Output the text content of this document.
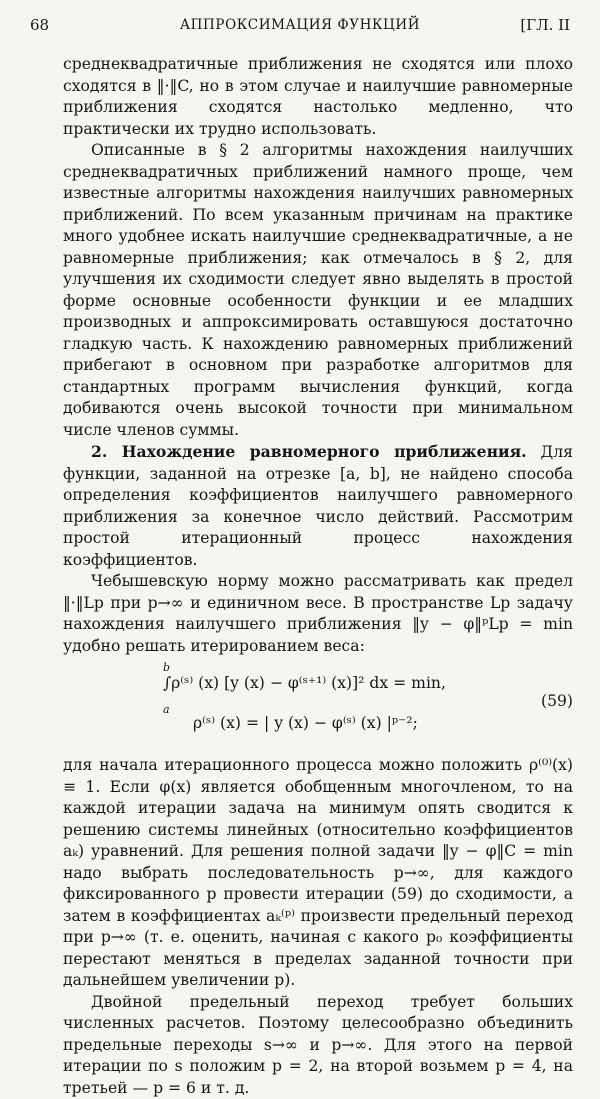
68	АППРОКСИМАЦИЯ ФУНКЦИЙ	[ГЛ. II

среднеквадратичные приближения не сходятся или плохо сходятся в ‖·‖C, но в этом случае и наилучшие равномерные приближения сходятся настолько медленно, что практически их трудно использовать.

Описанные в § 2 алгоритмы нахождения наилучших среднеквадратичных приближений намного проще, чем известные алгоритмы нахождения наилучших равномерных приближений. По всем указанным причинам на практике много удобнее искать наилучшие среднеквадратичные, а не равномерные приближения; как отмечалось в § 2, для улучшения их сходимости следует явно выделять в простой форме основные особенности функции и ее младших производных и аппроксимировать оставшуюся достаточно гладкую часть. К нахождению равномерных приближений прибегают в основном при разработке алгоритмов для стандартных программ вычисления функций, когда добиваются очень высокой точности при минимальном числе членов суммы.

2. Нахождение равномерного приближения. Для функции, заданной на отрезке [a, b], не найдено способа определения коэффициентов наилучшего равномерного приближения за конечное число действий. Рассмотрим простой итерационный процесс нахождения коэффициентов.

Чебышевскую норму можно рассматривать как предел ‖·‖Lp при p→∞ и единичном весе. В пространстве Lp задачу нахождения наилучшего приближения ‖y − φ‖ᵖLp = min удобно решать итерированием веса:

b
∫ρ⁽ˢ⁾ (x) [y (x) − φ⁽ˢ⁺¹⁾ (x)]² dx = min,
a
ρ⁽ˢ⁾ (x) = | y (x) − φ⁽ˢ⁾ (x) |ᵖ⁻²;
(59)

для начала итерационного процесса можно положить ρ⁽⁰⁾(x) ≡ 1. Если φ(x) является обобщенным многочленом, то на каждой итерации задача на минимум опять сводится к решению системы линейных (относительно коэффициентов aₖ) уравнений. Для решения полной задачи ‖y − φ‖C = min надо выбрать последовательность p→∞, для каждого фиксированного p провести итерации (59) до сходимости, а затем в коэффициентах aₖ⁽ᵖ⁾ произвести предельный переход при p→∞ (т. е. оценить, начиная с какого p₀ коэффициенты перестают меняться в пределах заданной точности при дальнейшем увеличении p).

Двойной предельный переход требует больших численных расчетов. Поэтому целесообразно объединить предельные переходы s→∞ и p→∞. Для этого на первой итерации по s положим p = 2, на второй возьмем p = 4, на третьей — p = 6 и т. д.
